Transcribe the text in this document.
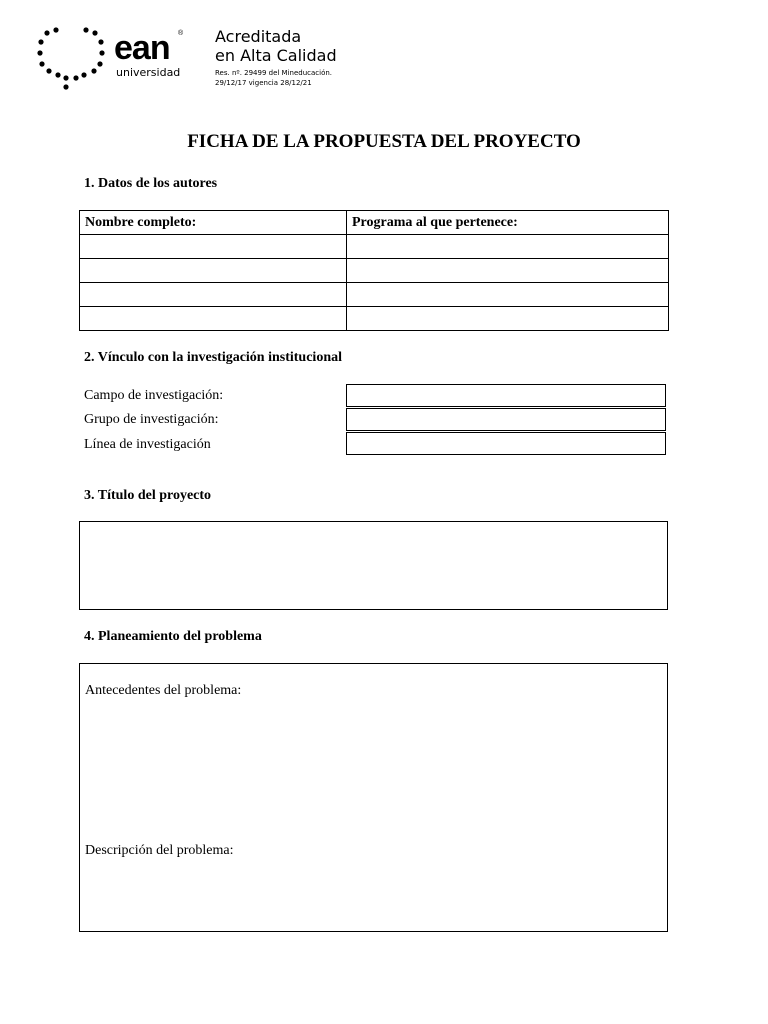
ean ®
universidad
Acreditada
en Alta Calidad
Res. nº. 29499 del Mineducación.
29/12/17 vigencia 28/12/21
FICHA DE LA PROPUESTA DEL PROYECTO
1. Datos de los autores
Nombre completo:	Programa al que pertenece:

2. Vínculo con la investigación institucional
Campo de investigación:
Grupo de investigación:
Línea de investigación
3. Título del proyecto
4. Planeamiento del problema
Antecedentes del problema:
Descripción del problema:
